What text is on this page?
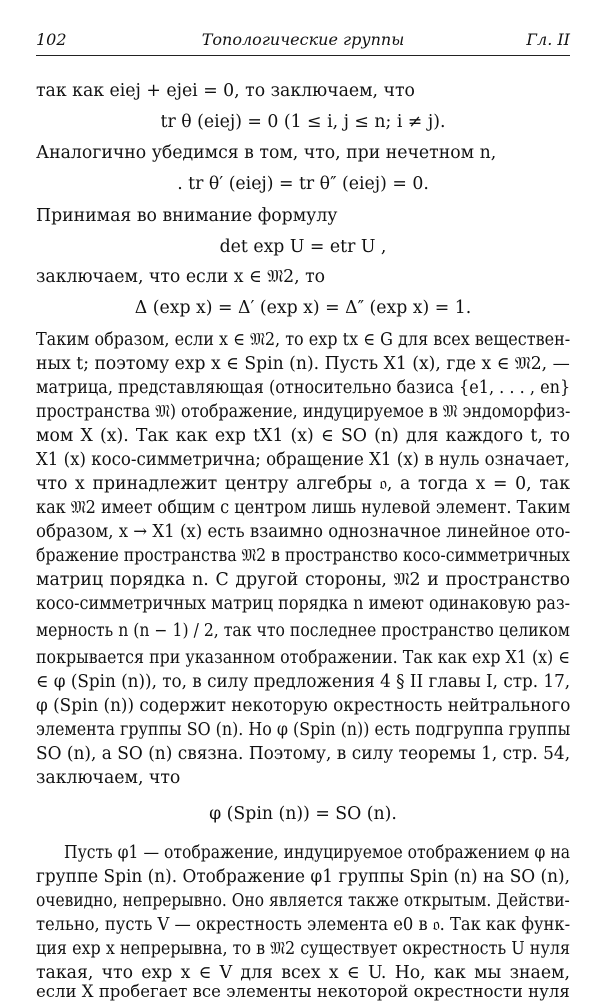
102	Топологические группы	Гл. II
так как eiej + ejei = 0, то заключаем, что
tr θ (eiej) = 0 (1 ≤ i, j ≤ n; i ≠ j).
Аналогично убедимся в том, что, при нечетном n,
. tr θ′ (eiej) = tr θ″ (eiej) = 0.
Принимая во внимание формулу
det exp U = etr U ,
заключаем, что если x ∈ 𝔐2, то
Δ (exp x) = Δ′ (exp x) = Δ″ (exp x) = 1.
Таким образом, если x ∈ 𝔐2, то exp tx ∈ G для всех веществен-
ных t; поэтому exp x ∈ Spin (n). Пусть X1 (x), где x ∈ 𝔐2, —
матрица, представляющая (относительно базиса {e1, . . . , en}
пространства 𝔐) отображение, индуцируемое в 𝔐 эндоморфиз-
мом X (x). Так как exp tX1 (x) ∈ SO (n) для каждого t, то
X1 (x) косо-симметрична; обращение X1 (x) в нуль означает,
что x принадлежит центру алгебры 𝔬, а тогда x = 0, так
как 𝔐2 имеет общим с центром лишь нулевой элемент. Таким
образом, x → X1 (x) есть взаимно однозначное линейное ото-
бражение пространства 𝔐2 в пространство косо-симметричных
матриц порядка n. С другой стороны, 𝔐2 и пространство
косо-симметричных матриц порядка n имеют одинаковую раз-
мерность n (n − 1) / 2, так что последнее пространство целиком
покрывается при указанном отображении. Так как exp X1 (x) ∈
∈ φ (Spin (n)), то, в силу предложения 4 § II главы I, стр. 17,
φ (Spin (n)) содержит некоторую окрестность нейтрального
элемента группы SO (n). Но φ (Spin (n)) есть подгруппа группы
SO (n), а SO (n) связна. Поэтому, в силу теоремы 1, стр. 54,
заключаем, что
φ (Spin (n)) = SO (n).
Пусть φ1 — отображение, индуцируемое отображением φ на
группе Spin (n). Отображение φ1 группы Spin (n) на SO (n),
очевидно, непрерывно. Оно является также открытым. Действи-
тельно, пусть V — окрестность элемента e0 в 𝔬. Так как функ-
ция exp x непрерывна, то в 𝔐2 существует окрестность U нуля
такая, что exp x ∈ V для всех x ∈ U. Но, как мы знаем,
если X пробегает все элементы некоторой окрестности нуля
